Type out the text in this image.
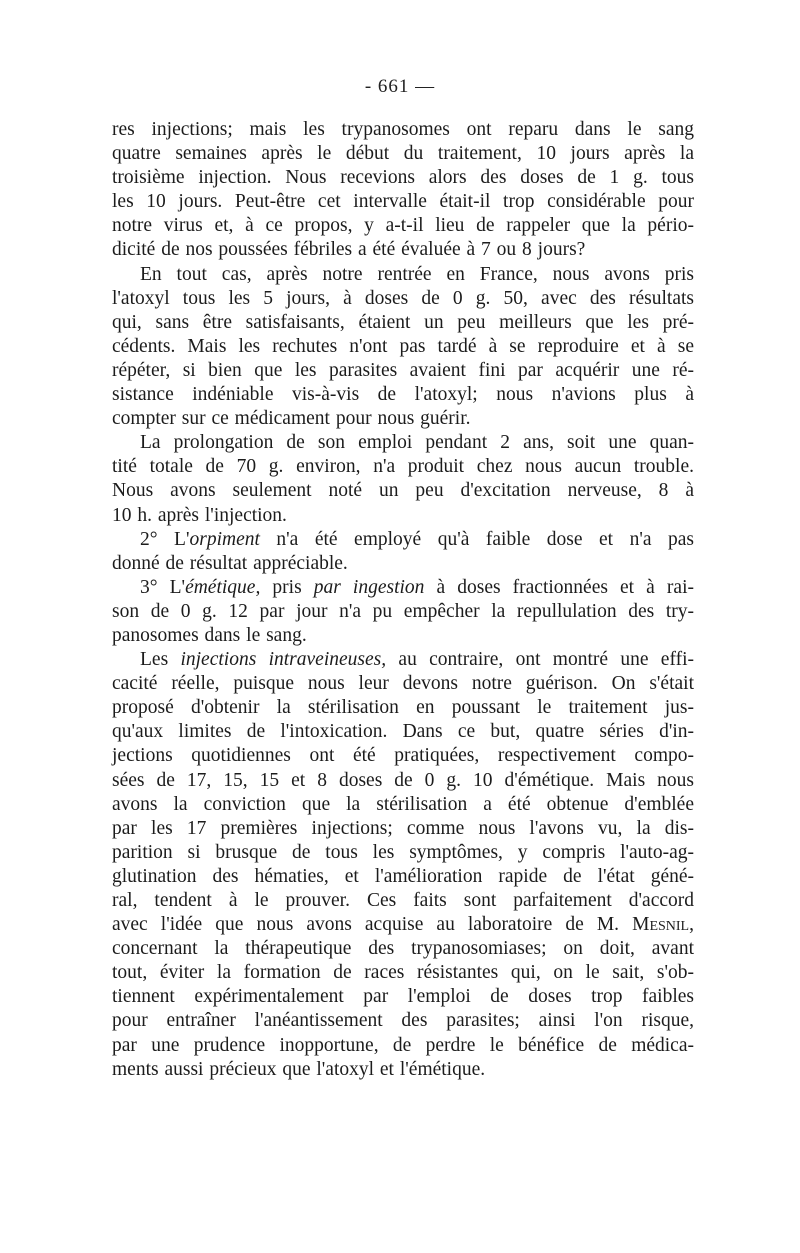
- 661 —
res injections; mais les trypanosomes ont reparu dans le sang
quatre semaines après le début du traitement, 10 jours après la
troisième injection. Nous recevions alors des doses de 1 g. tous
les 10 jours. Peut-être cet intervalle était-il trop considérable pour
notre virus et, à ce propos, y a-t-il lieu de rappeler que la pério-
dicité de nos poussées fébriles a été évaluée à 7 ou 8 jours?
En tout cas, après notre rentrée en France, nous avons pris
l'atoxyl tous les 5 jours, à doses de 0 g. 50, avec des résultats
qui, sans être satisfaisants, étaient un peu meilleurs que les pré-
cédents. Mais les rechutes n'ont pas tardé à se reproduire et à se
répéter, si bien que les parasites avaient fini par acquérir une ré-
sistance indéniable vis-à-vis de l'atoxyl; nous n'avions plus à
compter sur ce médicament pour nous guérir.
La prolongation de son emploi pendant 2 ans, soit une quan-
tité totale de 70 g. environ, n'a produit chez nous aucun trouble.
Nous avons seulement noté un peu d'excitation nerveuse, 8 à
10 h. après l'injection.
2° L'orpiment n'a été employé qu'à faible dose et n'a pas
donné de résultat appréciable.
3° L'émétique, pris par ingestion à doses fractionnées et à rai-
son de 0 g. 12 par jour n'a pu empêcher la repullulation des try-
panosomes dans le sang.
Les injections intraveineuses, au contraire, ont montré une effi-
cacité réelle, puisque nous leur devons notre guérison. On s'était
proposé d'obtenir la stérilisation en poussant le traitement jus-
qu'aux limites de l'intoxication. Dans ce but, quatre séries d'in-
jections quotidiennes ont été pratiquées, respectivement compo-
sées de 17, 15, 15 et 8 doses de 0 g. 10 d'émétique. Mais nous
avons la conviction que la stérilisation a été obtenue d'emblée
par les 17 premières injections; comme nous l'avons vu, la dis-
parition si brusque de tous les symptômes, y compris l'auto-ag-
glutination des hématies, et l'amélioration rapide de l'état géné-
ral, tendent à le prouver. Ces faits sont parfaitement d'accord
avec l'idée que nous avons acquise au laboratoire de M. Mesnil,
concernant la thérapeutique des trypanosomiases; on doit, avant
tout, éviter la formation de races résistantes qui, on le sait, s'ob-
tiennent expérimentalement par l'emploi de doses trop faibles
pour entraîner l'anéantissement des parasites; ainsi l'on risque,
par une prudence inopportune, de perdre le bénéfice de médica-
ments aussi précieux que l'atoxyl et l'émétique.
